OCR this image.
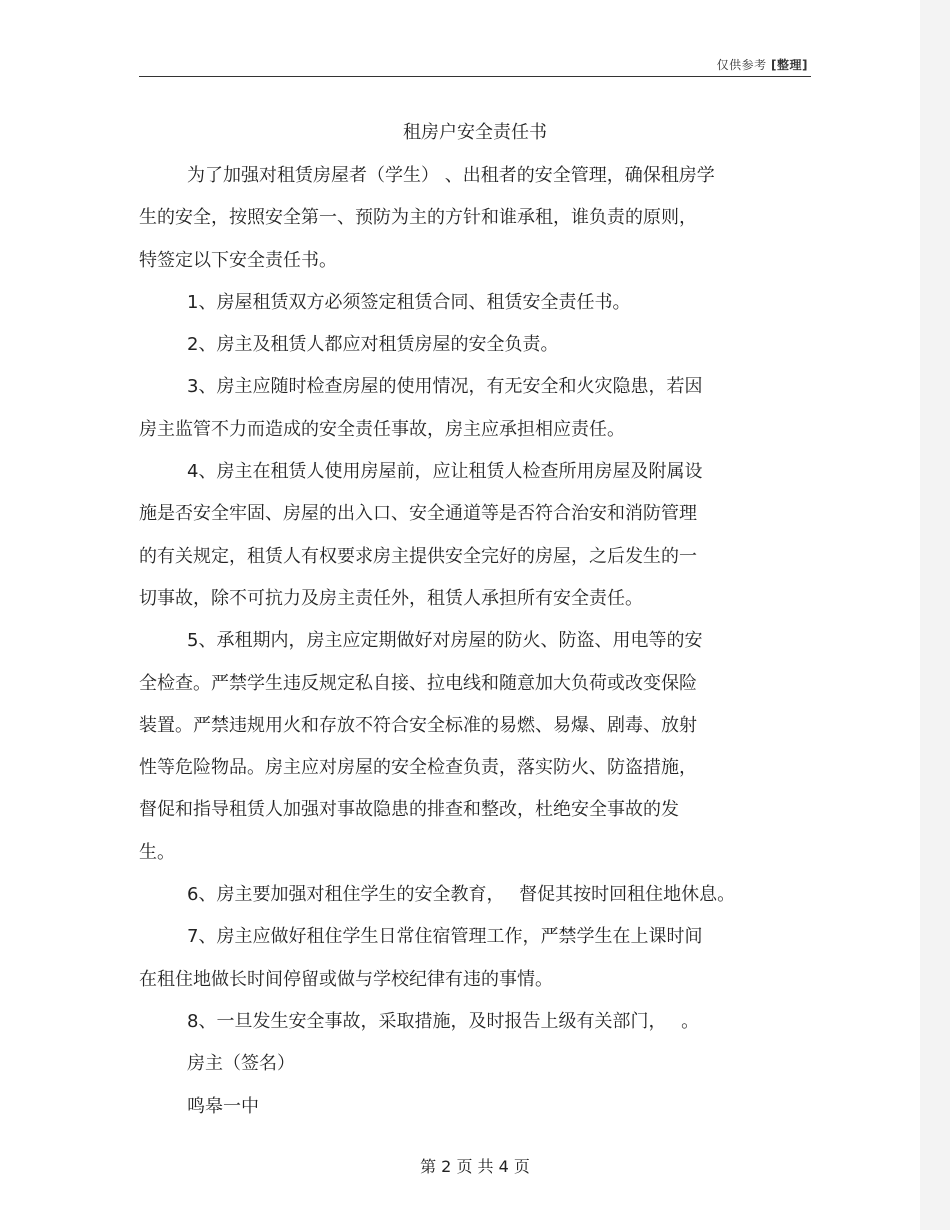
仅供参考 [整理]
租房户安全责任书
为了加强对租赁房屋者（学生） 、出租者的安全管理，确保租房学
生的安全，按照安全第一、预防为主的方针和谁承租，谁负责的原则，
特签定以下安全责任书。
1、房屋租赁双方必须签定租赁合同、租赁安全责任书。
2、房主及租赁人都应对租赁房屋的安全负责。
3、房主应随时检查房屋的使用情况，有无安全和火灾隐患，若因
房主监管不力而造成的安全责任事故，房主应承担相应责任。
4、房主在租赁人使用房屋前，应让租赁人检查所用房屋及附属设
施是否安全牢固、房屋的出入口、安全通道等是否符合治安和消防管理
的有关规定，租赁人有权要求房主提供安全完好的房屋，之后发生的一
切事故，除不可抗力及房主责任外，租赁人承担所有安全责任。
5、承租期内，房主应定期做好对房屋的防火、防盗、用电等的安
全检查。严禁学生违反规定私自接、拉电线和随意加大负荷或改变保险
装置。严禁违规用火和存放不符合安全标准的易燃、易爆、剧毒、放射
性等危险物品。房主应对房屋的安全检查负责，落实防火、防盗措施，
督促和指导租赁人加强对事故隐患的排查和整改，杜绝安全事故的发
生。
6、房主要加强对租住学生的安全教育，　 督促其按时回租住地休息。
7、房主应做好租住学生日常住宿管理工作，严禁学生在上课时间
在租住地做长时间停留或做与学校纪律有违的事情。
8、一旦发生安全事故，采取措施，及时报告上级有关部门，　 。
房主（签名）
鸣皋一中
第 2 页 共 4 页
